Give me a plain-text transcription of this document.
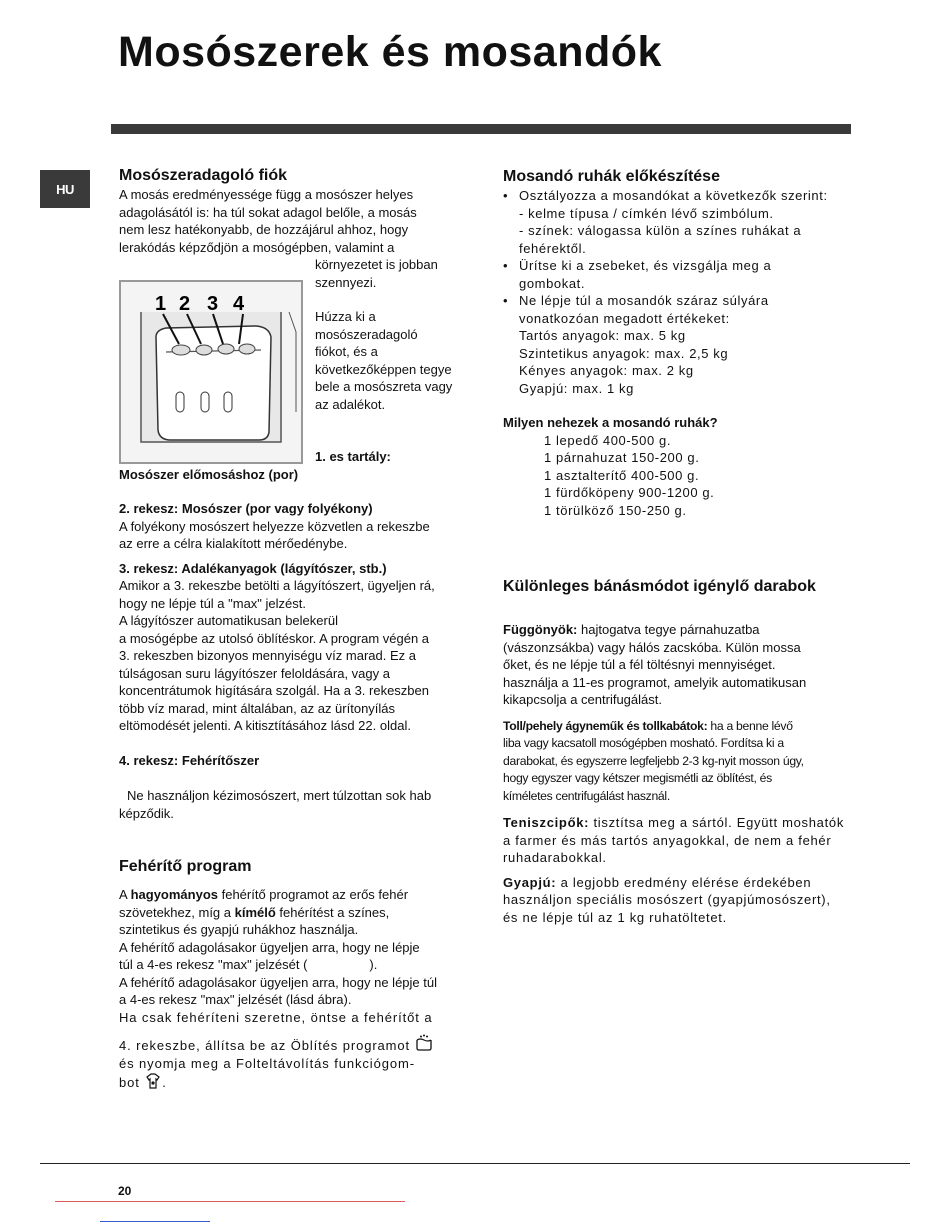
Mosószerek és mosandók
HU

Mosószeradagoló fiók

A mosás eredményessége függ a mosószer helyes

adagolásától is: ha túl sokat adagol belőle, a mosás

nem lesz hatékonyabb, de hozzájárul ahhoz, hogy

lerakódás képződjön a mosógépben, valamint a

környezetet is jobban

szennyezi.

Húzza ki a

mosószeradagoló

fiókot, és a

következőképpen tegye

bele a mosószreta vagy

az adalékot.

1 2 3 4

1. es tartály:

Mosószer előmosáshoz (por)

2. rekesz: Mosószer (por vagy folyékony)

A folyékony mosószert helyezze közvetlen a rekeszbe

az erre a célra kialakított mérőedénybe.

3. rekesz: Adalékanyagok (lágyítószer, stb.)

Amikor a 3. rekeszbe betölti a lágyítószert, ügyeljen rá,

hogy ne lépje túl a "max" jelzést.

A lágyítószer automatikusan belekerül

a mosógépbe az utolsó öblítéskor. A program végén a

3. rekeszben bizonyos mennyiségu víz marad. Ez a

túlságosan suru lágyítószer feloldására, vagy a

koncentrátumok higítására szolgál. Ha a 3. rekeszben

több víz marad, mint általában, az az ürítonyílás

eltömodését jelenti. A kitisztításához lásd 22. oldal.

4. rekesz: Fehérítőszer

Ne használjon kézimosószert, mert túlzottan sok hab

képződik.

Fehérítő program

A hagyományos fehérítő programot az erős fehér

szövetekhez, míg a kímélő fehérítést a színes,

szintetikus és gyapjú ruhákhoz használja.

A fehérítő adagolásakor ügyeljen arra, hogy ne lépje

túl a 4-es rekesz "max" jelzését (	).

A fehérítő adagolásakor ügyeljen arra, hogy ne lépje túl

a 4-es rekesz "max" jelzését (lásd ábra).

Ha csak fehéríteni szeretne, öntse a fehérítőt a

4. rekeszbe, állítsa be az Öblítés programot

és nyomja meg a Folteltávolítás funkciógom-

bot .

Mosandó ruhák előkészítése

• Osztályozza a mosandókat a következők szerint:

- kelme típusa / címkén lévő szimbólum.

- színek: válogassa külön a színes ruhákat a

fehérektől.

• Ürítse ki a zsebeket, és vizsgálja meg a

gombokat.

• Ne lépje túl a mosandók száraz súlyára

vonatkozóan megadott értékeket:

Tartós anyagok: max. 5 kg

Szintetikus anyagok: max. 2,5 kg

Kényes anyagok: max. 2 kg

Gyapjú: max. 1 kg

Milyen nehezek a mosandó ruhák?

1 lepedő 400-500 g.

1 párnahuzat 150-200 g.

1 asztalterítő 400-500 g.

1 fürdőköpeny 900-1200 g.

1 törülköző 150-250 g.

Különleges bánásmódot igénylő darabok

Függönyök: hajtogatva tegye párnahuzatba

(vászonzsákba) vagy hálós zacskóba. Külön mossa

őket, és ne lépje túl a fél töltésnyi mennyiséget.

használja a 11-es programot, amelyik automatikusan

kikapcsolja a centrifugálást.

Toll/pehely ágyneműk és tollkabátok: ha a benne lévő

liba vagy kacsatoll mosógépben mosható. Fordítsa ki a

darabokat, és egyszerre legfeljebb 2-3 kg-nyit mosson úgy,

hogy egyszer vagy kétszer megismétli az öblítést, és

kíméletes centrifugálást használ.

Teniszcipők: tisztítsa meg a sártól. Együtt moshatók

a farmer és más tartós anyagokkal, de nem a fehér

ruhadarabokkal.

Gyapjú: a legjobb eredmény elérése érdekében

használjon speciális mosószert (gyapjúmosószert),

és ne lépje túl az 1 kg ruhatöltetet.

20
